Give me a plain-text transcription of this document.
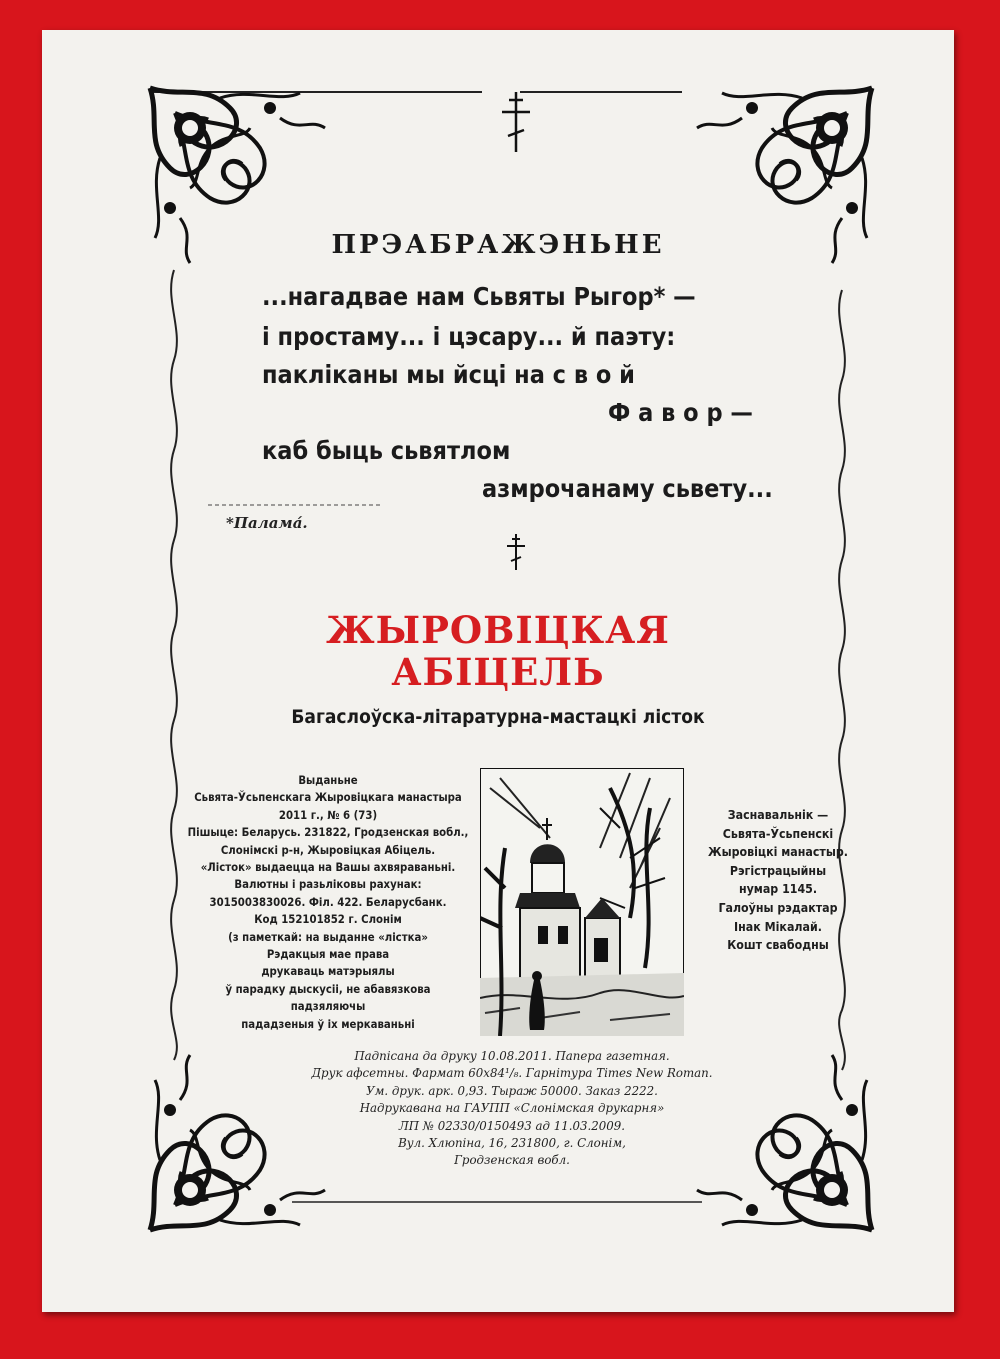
ПРЭАБРАЖЭНЬНЕ
...нагадвае нам Сьвяты Рыгор* —
і простаму... і цэсару... й паэту:
пакліканы мы йсці на с в о й
Ф а в о р —
каб быць сьвятлом
азмрочанаму сьвету...
*Палама́.
ЖЫРОВІЦКАЯ
АБІЦЕЛЬ
Багаслоўска-літаратурна-мастацкі лісток
Выданьне
Сьвята-Ўсьпенскага Жыровіцкага манастыра
2011 г., № 6 (73)
Пішыце: Беларусь. 231822, Гродзенская вобл.,
Слонімскі р-н, Жыровіцкая Абіцель.
«Лісток» выдаецца на Вашы ахвяраваньні.
Валютны і разьліковы рахунак:
3015003830026. Філ. 422. Беларусбанк.
Код 152101852 г. Слонім
(з паметкай: на выданне «лістка»
Рэдакцыя мае права
друкаваць матэрыялы
ў парадку дыскусіі, не абавязкова
падзяляючы
пададзеныя ў іх меркаваньні
Заснавальнік —
Сьвята-Ўсьпенскі
Жыровіцкі манастыр.
Рэгістрацыйны
нумар 1145.
Галоўны рэдактар
Інак Мікалай.
Кошт свабодны
Падпісана да друку 10.08.2011. Папера газетная.
Друк афсетны. Фармат 60x84¹/₈. Гарнітура Times New Roman.
Ум. друк. арк. 0,93. Тыраж 50000. Заказ 2222.
Надрукавана на ГАУПП «Слонімская друкарня»
ЛП № 02330/0150493 ад 11.03.2009.
Вул. Хлюпіна, 16, 231800, г. Слонім,
Гродзенская вобл.
